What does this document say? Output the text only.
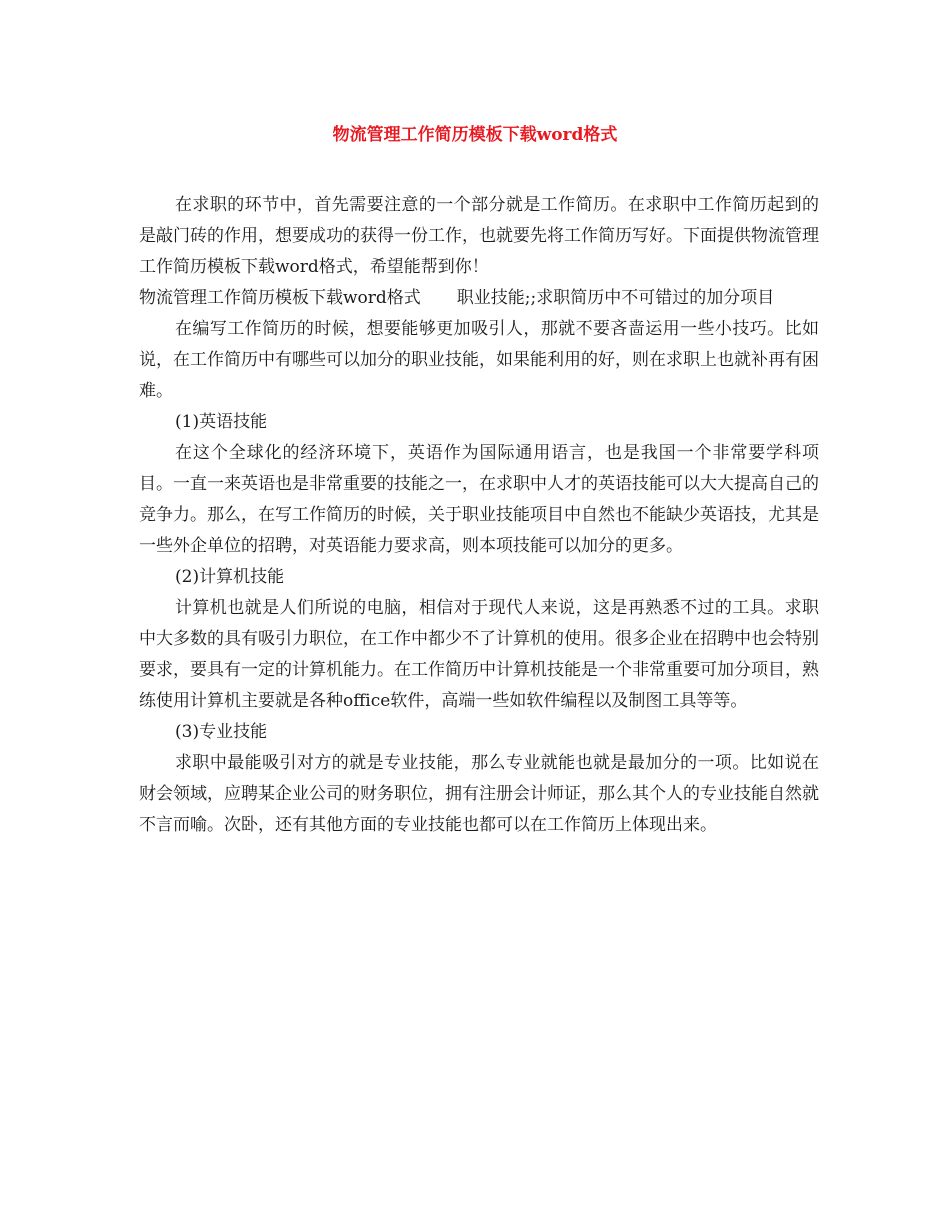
物流管理工作简历模板下载word格式

在求职的环节中，首先需要注意的一个部分就是工作简历。在求职中工作简历起到的是敲门砖的作用，想要成功的获得一份工作，也就要先将工作简历写好。下面提供物流管理工作简历模板下载word格式，希望能帮到你！

物流管理工作简历模板下载word格式 职业技能;;求职简历中不可错过的加分项目

在编写工作简历的时候，想要能够更加吸引人，那就不要吝啬运用一些小技巧。比如说，在工作简历中有哪些可以加分的职业技能，如果能利用的好，则在求职上也就补再有困难。

(1)英语技能

在这个全球化的经济环境下，英语作为国际通用语言，也是我国一个非常要学科项目。一直一来英语也是非常重要的技能之一，在求职中人才的英语技能可以大大提高自己的竞争力。那么，在写工作简历的时候，关于职业技能项目中自然也不能缺少英语技，尤其是一些外企单位的招聘，对英语能力要求高，则本项技能可以加分的更多。

(2)计算机技能

计算机也就是人们所说的电脑，相信对于现代人来说，这是再熟悉不过的工具。求职中大多数的具有吸引力职位，在工作中都少不了计算机的使用。很多企业在招聘中也会特别要求，要具有一定的计算机能力。在工作简历中计算机技能是一个非常重要可加分项目，熟练使用计算机主要就是各种office软件，高端一些如软件编程以及制图工具等等。

(3)专业技能

求职中最能吸引对方的就是专业技能，那么专业就能也就是最加分的一项。比如说在财会领域，应聘某企业公司的财务职位，拥有注册会计师证，那么其个人的专业技能自然就不言而喻。次卧，还有其他方面的专业技能也都可以在工作简历上体现出来。
